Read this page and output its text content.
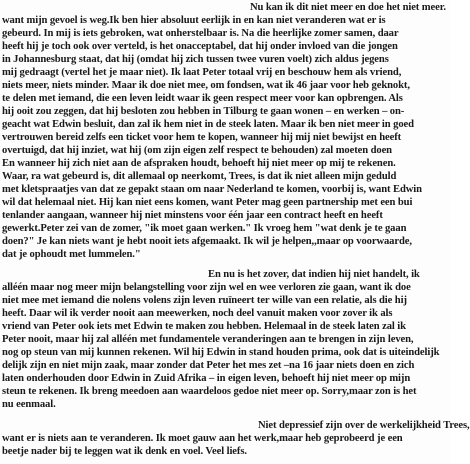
Nu kan ik dit niet meer en doe het niet meer.
want mijn gevoel is weg.Ik ben hier absoluut eerlijk in en kan niet veranderen wat er is
gebeurd. In mij is iets gebroken, wat onherstelbaar is. Na die heerlijke zomer samen, daar
heeft hij je toch ook over verteld, is het onacceptabel, dat hij onder invloed van die jongen
in Johannesburg staat, dat hij (omdat hij zich tussen twee vuren voelt) zich aldus jegens
mij gedraagt (vertel het je maar niet). Ik laat Peter totaal vrij en beschouw hem als vriend,
niets meer, niets minder. Maar ik doe niet mee, om fondsen, wat ik 46 jaar voor heb geknokt,
te delen met iemand, die een leven leidt waar ik geen respect meer voor kan opbrengen. Als
hij ooit zou zeggen, dat hij besloten zou hebben in Tilburg te gaan wonen – en werken – on-
geacht wat Edwin besluit, dan zal ik hem niet in de steek laten. Maar ik ben niet meer in goed
vertrouwen bereid zelfs een ticket voor hem te kopen, wanneer hij mij niet bewijst en heeft
overtuigd, dat hij inziet, wat hij (om zijn eigen zelf respect te behouden) zal moeten doen
En wanneer hij zich niet aan de afspraken houdt, behoeft hij niet meer op mij te rekenen.
Waar, ra wat gebeurd is, dit allemaal op neerkomt, Trees, is dat ik niet alleen mijn geduld
met kletspraatjes van dat ze gepakt staan om naar Nederland te komen, voorbij is, want Edwin
wil dat helemaal niet. Hij kan niet eens komen, want Peter mag geen partnership met een bui
tenlander aangaan, wanneer hij niet minstens voor één jaar een contract heeft en heeft
gewerkt.Peter zei van de zomer, "ik moet gaan werken." Ik vroeg hem "wat denk je te gaan
doen?" Je kan niets want je hebt nooit iets afgemaakt. Ik wil je helpen,,maar op voorwaarde,
dat je ophoudt met lummelen."
En nu is het zover, dat indien hij niet handelt, ik
alléén maar nog meer mijn belangstelling voor zijn wel en wee verloren zie gaan, want ik doe
niet mee met iemand die nolens volens zijn leven ruïneert ter wille van een relatie, als die hij
heeft. Daar wil ik verder nooit aan meewerken, noch deel vanuit maken voor zover ik als
vriend van Peter ook iets met Edwin te maken zou hebben. Helemaal in de steek laten zal ik
Peter nooit, maar hij zal alléén met fundamentele veranderingen aan te brengen in zijn leven,
nog op steun van mij kunnen rekenen. Wil hij Edwin in stand houden prima, ook dat is uiteindelijk
delijk zijn en niet mijn zaak, maar zonder dat Peter het mes zet –na 16 jaar niets doen en zich
laten onderhouden door Edwin in Zuid Afrika – in eigen leven, behoeft hij niet meer op mijn
steun te rekenen. Ik breng meedoen aan waardeloos gedoe niet meer op. Sorry,maar zon is het
nu eenmaal.
Niet depressief zijn over de werkelijkheid Trees,
want er is niets aan te veranderen. Ik moet gauw aan het werk,maar heb geprobeerd je een
beetje nader bij te leggen wat ik denk en voel. Veel liefs.
